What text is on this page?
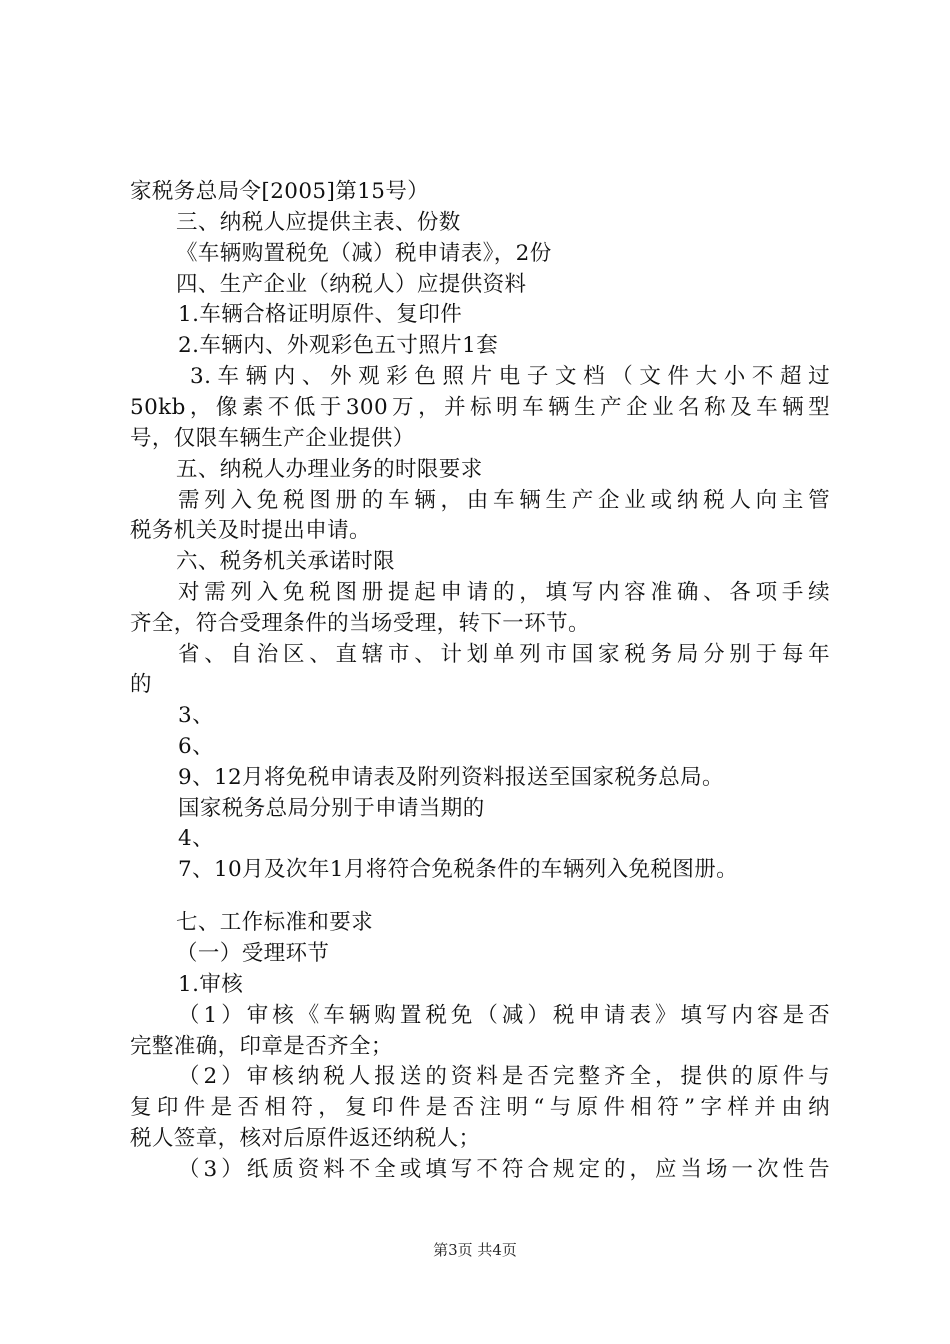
家税务总局令[2005]第15号）
三、纳税人应提供主表、份数
《车辆购置税免（减）税申请表》，2份
四、生产企业（纳税人）应提供资料
1.车辆合格证明原件、复印件
2.车辆内、外观彩色五寸照片1套
3.车辆内、外观彩色照片电子文档（文件大小不超过
50kb，像素不低于300万，并标明车辆生产企业名称及车辆型
号，仅限车辆生产企业提供）
五、纳税人办理业务的时限要求
需列入免税图册的车辆，由车辆生产企业或纳税人向主管
税务机关及时提出申请。
六、税务机关承诺时限
对需列入免税图册提起申请的，填写内容准确、各项手续
齐全，符合受理条件的当场受理，转下一环节。
省、自治区、直辖市、计划单列市国家税务局分别于每年
的
3、
6、
9、12月将免税申请表及附列资料报送至国家税务总局。
国家税务总局分别于申请当期的
4、
7、10月及次年1月将符合免税条件的车辆列入免税图册。
七、工作标准和要求
（一）受理环节
1.审核
（1）审核《车辆购置税免（减）税申请表》填写内容是否
完整准确，印章是否齐全；
（2）审核纳税人报送的资料是否完整齐全，提供的原件与
复印件是否相符，复印件是否注明“与原件相符”字样并由纳
税人签章，核对后原件返还纳税人；
（3）纸质资料不全或填写不符合规定的，应当场一次性告
第3页 共4页
